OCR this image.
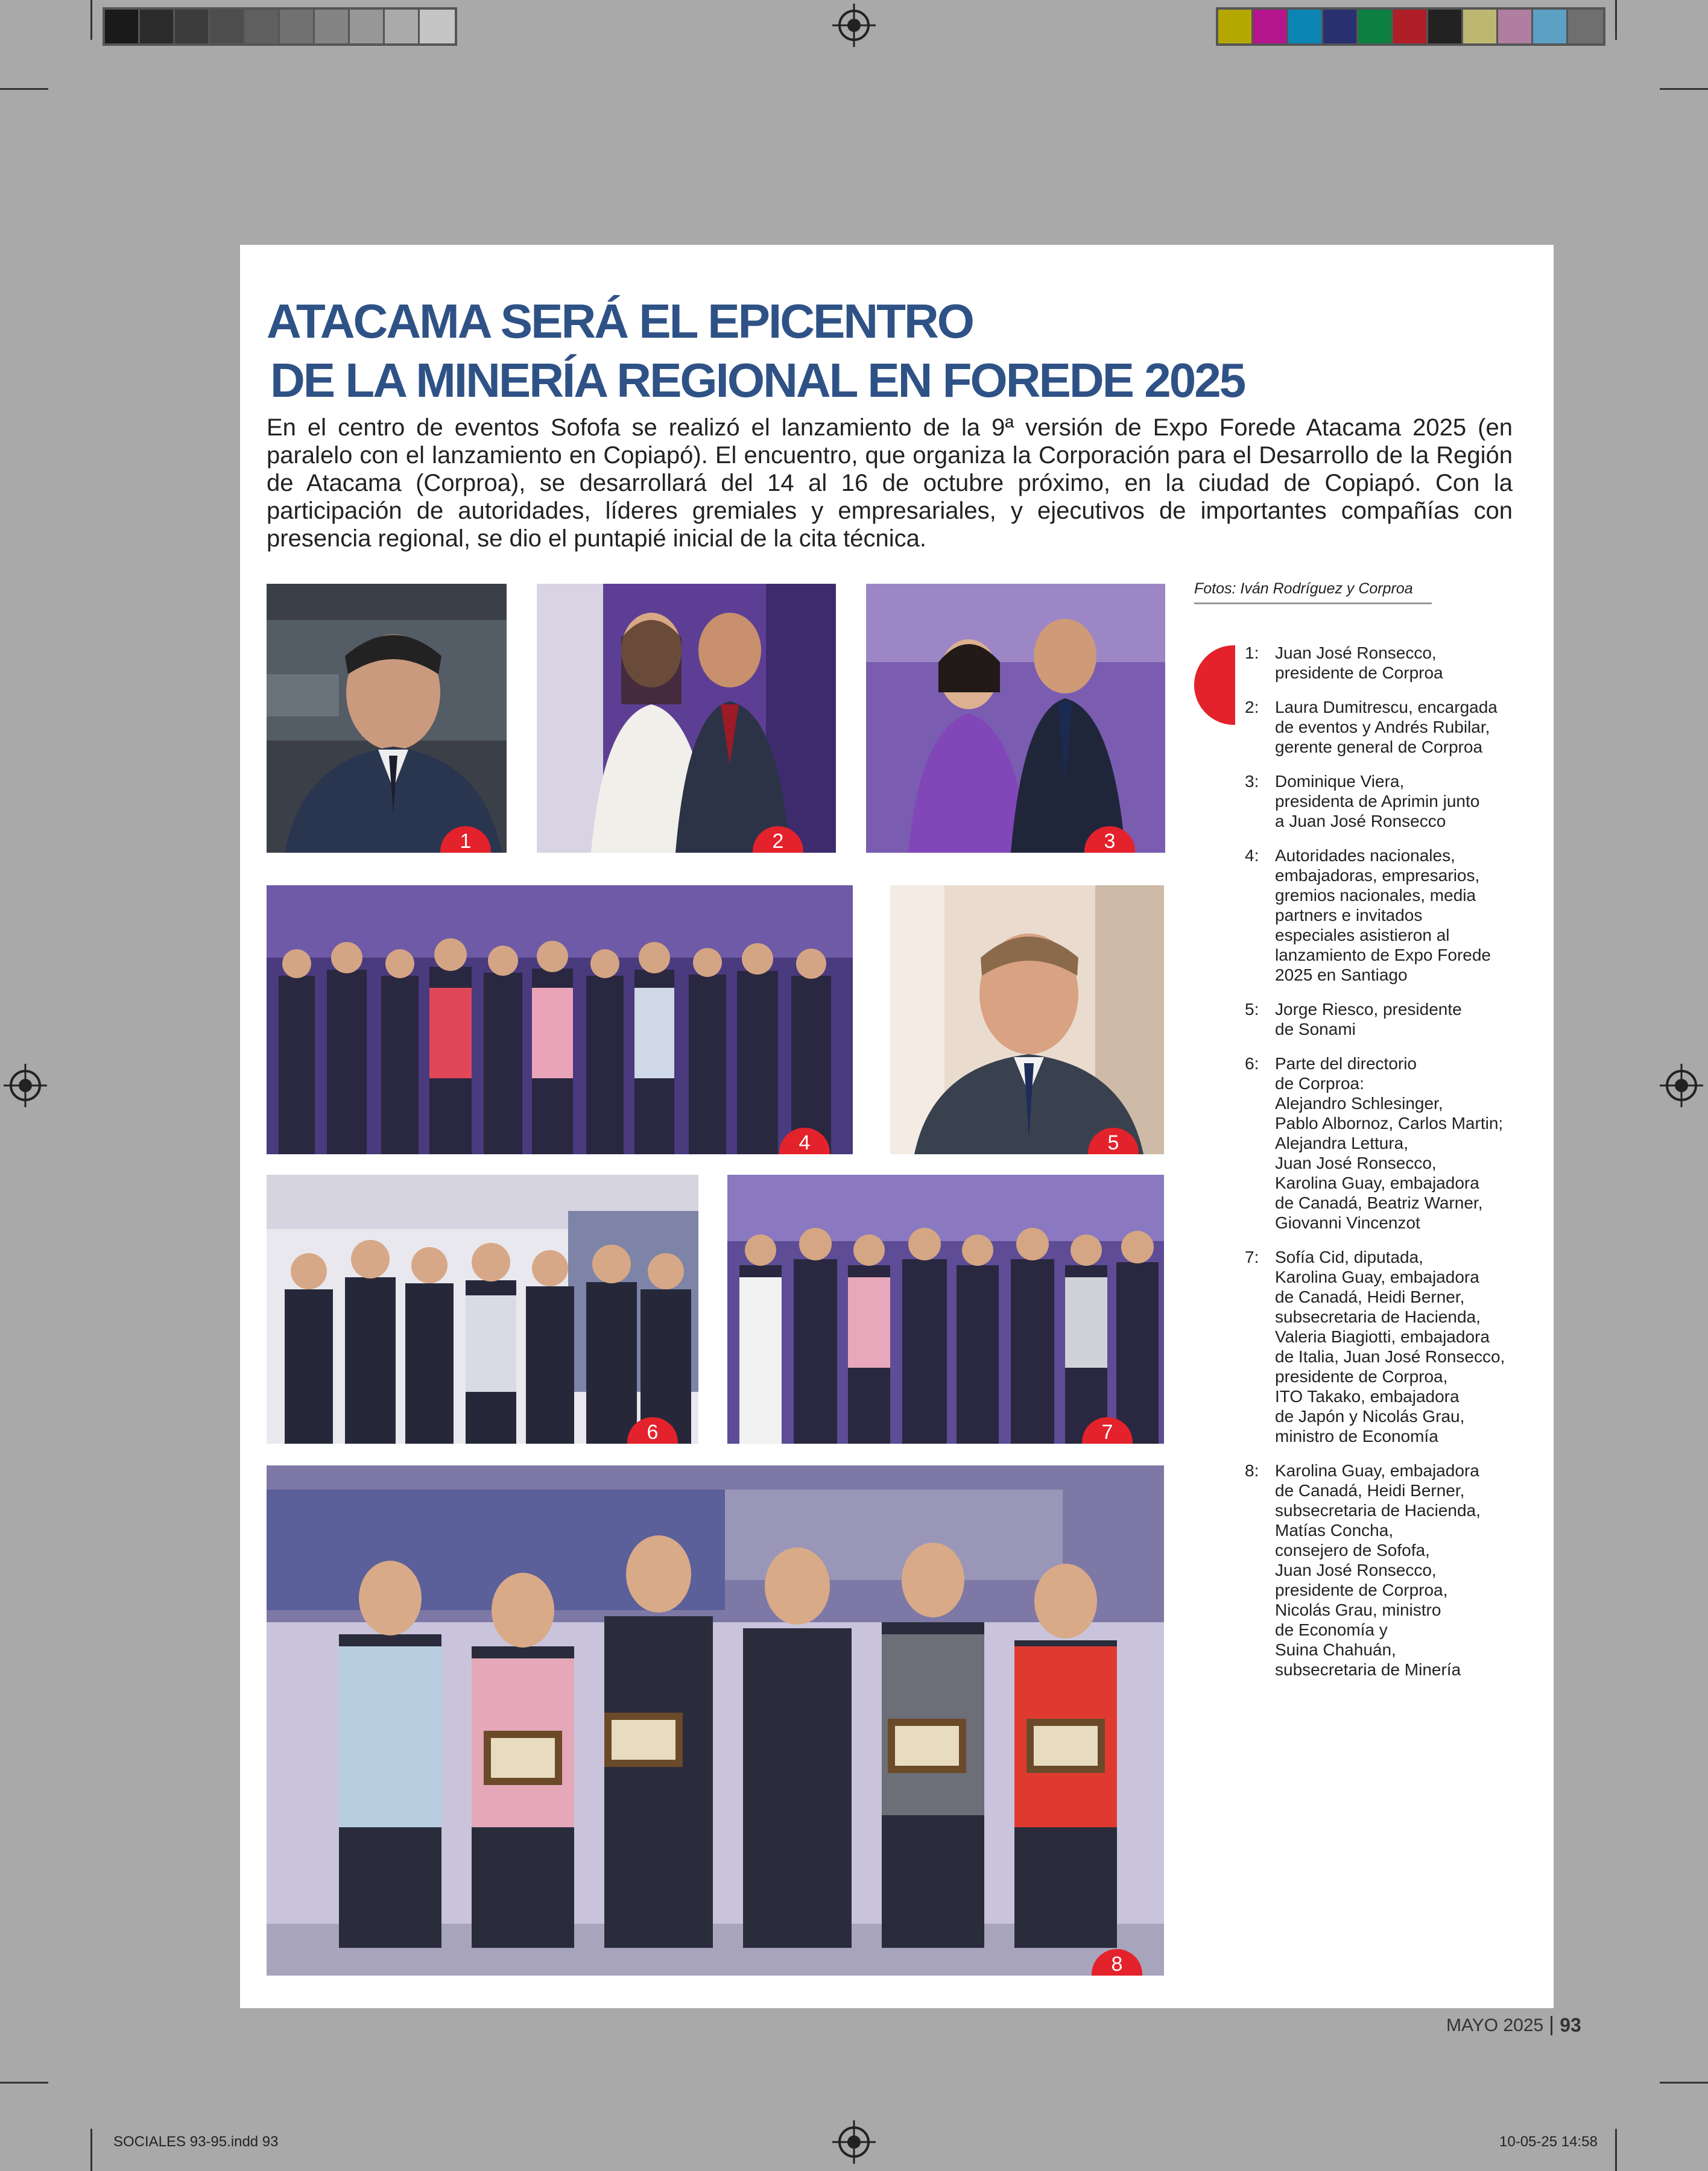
ATACAMA SERÁ EL EPICENTRO
DE LA MINERÍA REGIONAL EN FOREDE 2025

En el centro de eventos Sofofa se realizó el lanzamiento de la 9ª versión de Expo Forede Atacama 2025 (en paralelo con el lanzamiento en Copiapó). El encuentro, que organiza la Corporación para el Desarrollo de la Región de Atacama (Corproa), se desarrollará del 14 al 16 de octubre próximo, en la ciudad de Copiapó. Con la participación de autoridades, líderes gremiales y empresariales, y ejecutivos de importantes compañías con presencia regional, se dio el puntapié inicial de la cita técnica.

1	2	3
4	5
6	7
8
Fotos: Iván Rodríguez y Corproa
1: Juan José Ronsecco,
presidente de Corproa
2: Laura Dumitrescu, encargada
de eventos y Andrés Rubilar,
gerente general de Corproa
3: Dominique Viera,
presidenta de Aprimin junto
a Juan José Ronsecco
4: Autoridades nacionales,
embajadoras, empresarios,
gremios nacionales, media
partners e invitados
especiales asistieron al
lanzamiento de Expo Forede
2025 en Santiago
5: Jorge Riesco, presidente
de Sonami
6: Parte del directorio
de Corproa:
Alejandro Schlesinger,
Pablo Albornoz, Carlos Martin;
Alejandra Lettura,
Juan José Ronsecco,
Karolina Guay, embajadora
de Canadá, Beatriz Warner,
Giovanni Vincenzot
7: Sofía Cid, diputada,
Karolina Guay, embajadora
de Canadá, Heidi Berner,
subsecretaria de Hacienda,
Valeria Biagiotti, embajadora
de Italia, Juan José Ronsecco,
presidente de Corproa,
ITO Takako, embajadora
de Japón y Nicolás Grau,
ministro de Economía
8: Karolina Guay, embajadora
de Canadá, Heidi Berner,
subsecretaria de Hacienda,
Matías Concha,
consejero de Sofofa,
Juan José Ronsecco,
presidente de Corproa,
Nicolás Grau, ministro
de Economía y
Suina Chahuán,
subsecretaria de Minería
MAYO 2025 93
SOCIALES 93-95.indd 93	10-05-25 14:58
